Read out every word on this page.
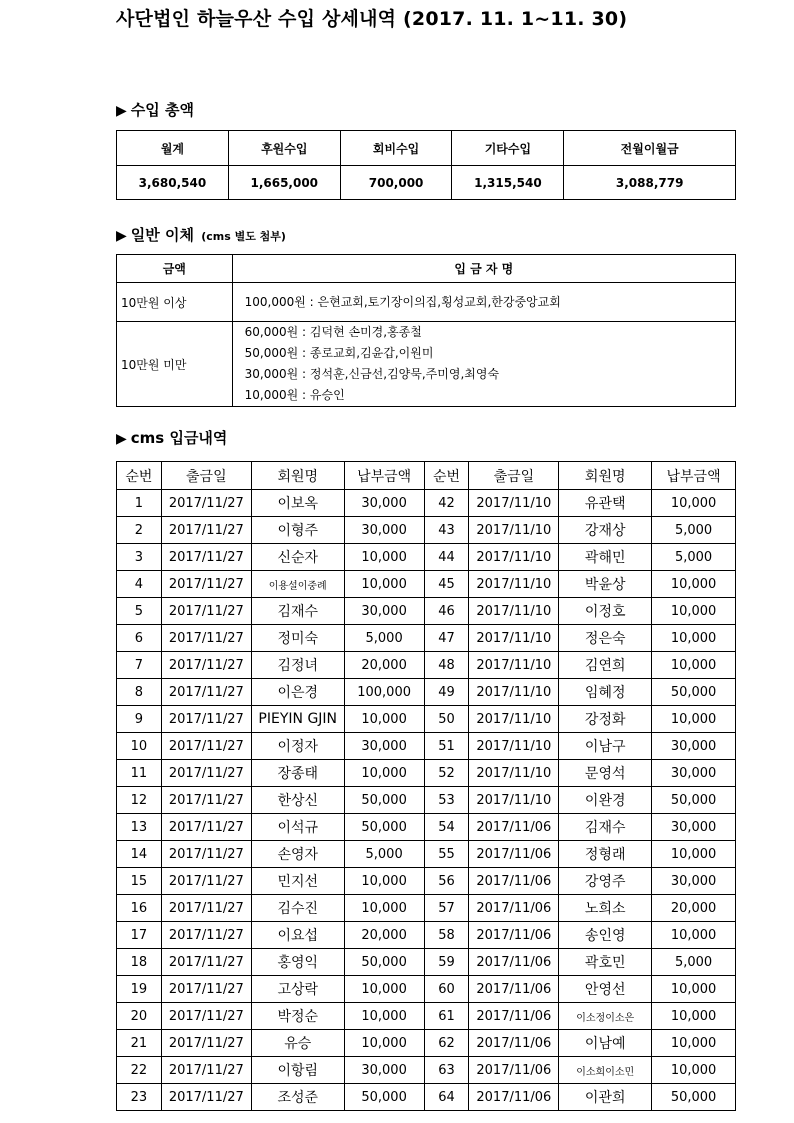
사단법인 하늘우산 수입 상세내역 (2017. 11. 1~11. 30)
▶ 수입 총액
월계	후원수입	회비수입	기타수입	전월이월금
3,680,540	1,665,000	700,000	1,315,540	3,088,779
▶ 일반 이체 (cms 별도 첨부)
금액	입 금 자 명
10만원 이상	100,000원 : 은현교회,토기장이의집,횡성교회,한강중앙교회

10만원 미만	60,000원 : 김덕현 손미경,홍종철
50,000원 : 종로교회,김윤갑,이원미
30,000원 : 정석훈,신금선,김양묵,주미영,최영숙
10,000원 : 유승인
▶ cms 입금내역
순번	출금일	회원명	납부금액	순번	출금일	회원명	납부금액
1	2017/11/27	이보옥	30,000	42	2017/11/10	유관택	10,000
2	2017/11/27	이형주	30,000	43	2017/11/10	강재상	5,000
3	2017/11/27	신순자	10,000	44	2017/11/10	곽해민	5,000
4	2017/11/27	이용설이중례	10,000	45	2017/11/10	박윤상	10,000
5	2017/11/27	김재수	30,000	46	2017/11/10	이정호	10,000
6	2017/11/27	정미숙	5,000	47	2017/11/10	정은숙	10,000
7	2017/11/27	김정녀	20,000	48	2017/11/10	김연희	10,000
8	2017/11/27	이은경	100,000	49	2017/11/10	임혜정	50,000
9	2017/11/27	PIEYIN GJIN	10,000	50	2017/11/10	강정화	10,000
10	2017/11/27	이정자	30,000	51	2017/11/10	이남구	30,000
11	2017/11/27	장종태	10,000	52	2017/11/10	문영석	30,000
12	2017/11/27	한상신	50,000	53	2017/11/10	이완경	50,000
13	2017/11/27	이석규	50,000	54	2017/11/06	김재수	30,000
14	2017/11/27	손영자	5,000	55	2017/11/06	정형래	10,000
15	2017/11/27	민지선	10,000	56	2017/11/06	강영주	30,000
16	2017/11/27	김수진	10,000	57	2017/11/06	노희소	20,000
17	2017/11/27	이요섭	20,000	58	2017/11/06	송인영	10,000
18	2017/11/27	홍영익	50,000	59	2017/11/06	곽호민	5,000
19	2017/11/27	고상락	10,000	60	2017/11/06	안영선	10,000
20	2017/11/27	박정순	10,000	61	2017/11/06	이소정이소은	10,000
21	2017/11/27	유승	10,000	62	2017/11/06	이남예	10,000
22	2017/11/27	이항림	30,000	63	2017/11/06	이소희이소민	10,000
23	2017/11/27	조성준	50,000	64	2017/11/06	이관희	50,000
